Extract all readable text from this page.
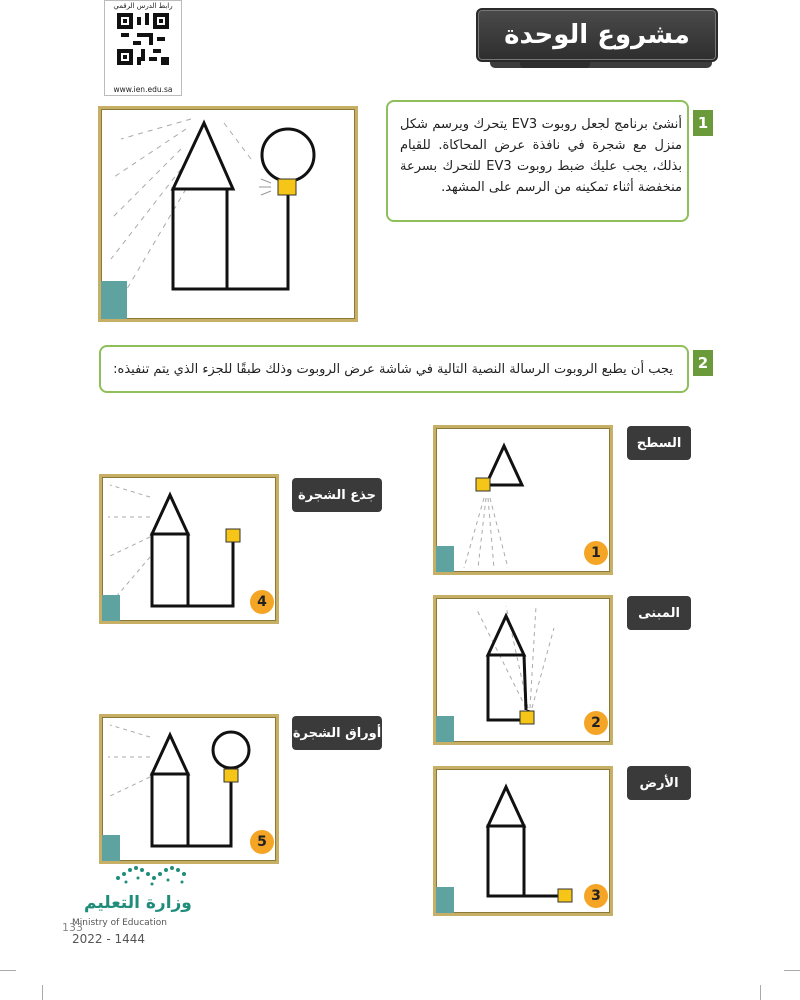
رابط الدرس الرقمي
www.ien.edu.sa
مشروع الوحدة
أنشئ برنامج لجعل روبوت EV3 يتحرك ويرسم شكل منزل مع شجرة في نافذة عرض المحاكاة. للقيام بذلك، يجب عليك ضبط روبوت EV3 للتحرك بسرعة منخفضة أثناء تمكينه من الرسم على المشهد.
1
يجب أن يطبع الروبوت الرسالة النصية التالية في شاشة عرض الروبوت وذلك طبقًا للجزء الذي يتم تنفيذه:	2
1
السطح
2
المبنى
3
الأرض
4
جذع الشجرة
5
أوراق الشجرة
وزارة التعليم
Ministry of Education
133
2022 - 1444
